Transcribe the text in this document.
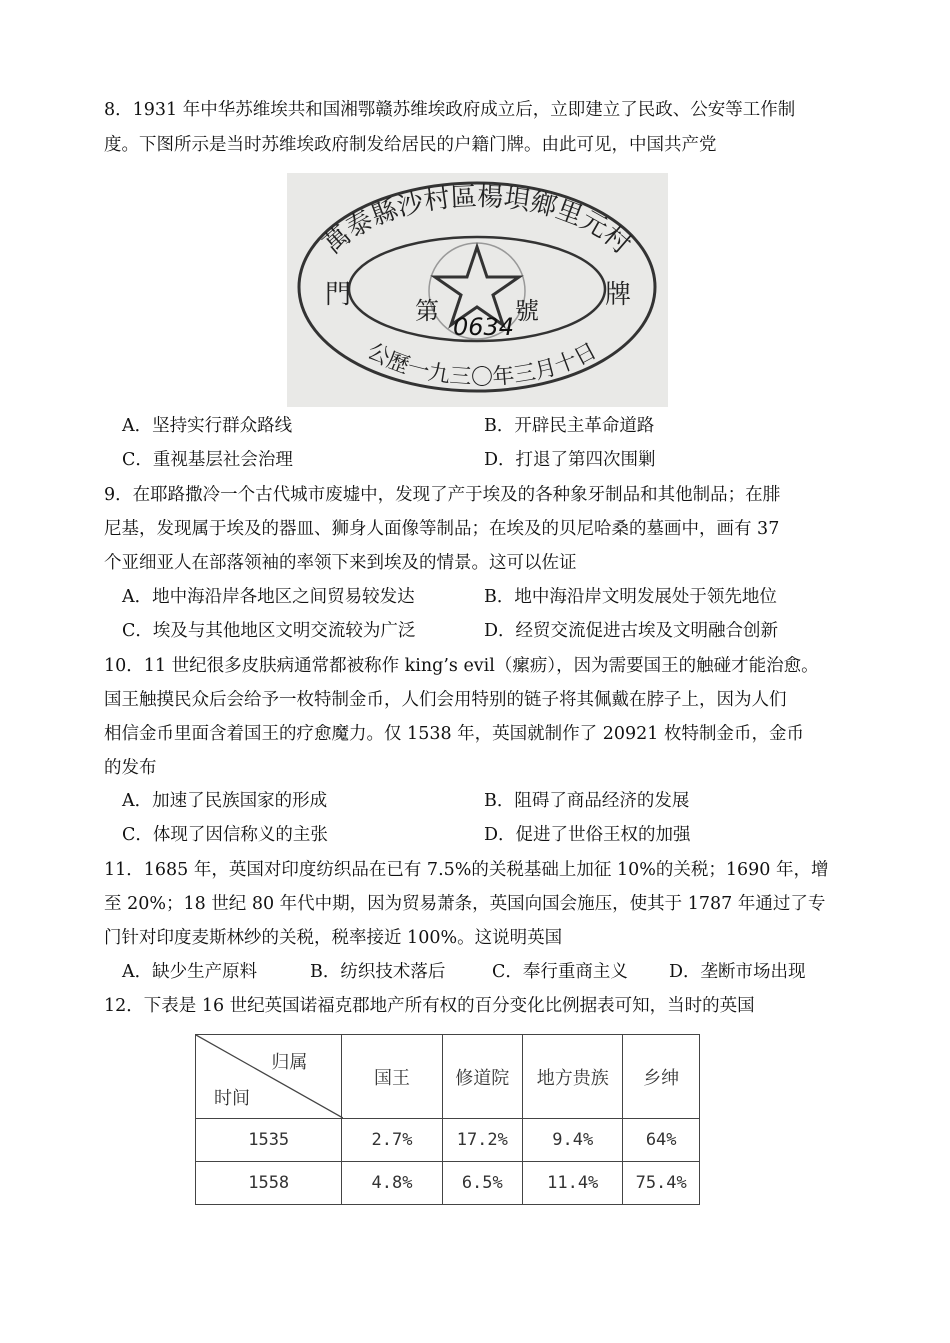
8．1931 年中华苏维埃共和国湘鄂赣苏维埃政府成立后，立即建立了民政、公安等工作制
度。下图所示是当时苏维埃政府制发给居民的户籍门牌。由此可见，中国共产党
萬泰縣沙村區楊垻鄉里元村
門	牌
第
0634
號
公歷一九三〇年三月十日
A．坚持实行群众路线	B．开辟民主革命道路
C．重视基层社会治理	D．打退了第四次围剿
9．在耶路撒冷一个古代城市废墟中，发现了产于埃及的各种象牙制品和其他制品；在腓
尼基，发现属于埃及的器皿、狮身人面像等制品；在埃及的贝尼哈桑的墓画中，画有 37
个亚细亚人在部落领袖的率领下来到埃及的情景。这可以佐证
A．地中海沿岸各地区之间贸易较发达	B．地中海沿岸文明发展处于领先地位
C．埃及与其他地区文明交流较为广泛	D．经贸交流促进古埃及文明融合创新
10．11 世纪很多皮肤病通常都被称作 king’s evil（瘰疬），因为需要国王的触碰才能治愈。
国王触摸民众后会给予一枚特制金币，人们会用特别的链子将其佩戴在脖子上，因为人们
相信金币里面含着国王的疗愈魔力。仅 1538 年，英国就制作了 20921 枚特制金币，金币
的发布
A．加速了民族国家的形成	B．阻碍了商品经济的发展
C．体现了因信称义的主张	D．促进了世俗王权的加强
11．1685 年，英国对印度纺织品在已有 7.5%的关税基础上加征 10%的关税；1690 年，增
至 20%；18 世纪 80 年代中期，因为贸易萧条，英国向国会施压，使其于 1787 年通过了专
门针对印度麦斯林纱的关税，税率接近 100%。这说明英国
A．缺少生产原料	B．纺织技术落后	C．奉行重商主义 D．垄断市场出现
12．下表是 16 世纪英国诺福克郡地产所有权的百分变化比例据表可知，当时的英国
归属
时间	国王	修道院	地方贵族	乡绅
1535	2.7%	17.2%	9.4%	64%
1558	4.8%	6.5%	11.4%	75.4%
